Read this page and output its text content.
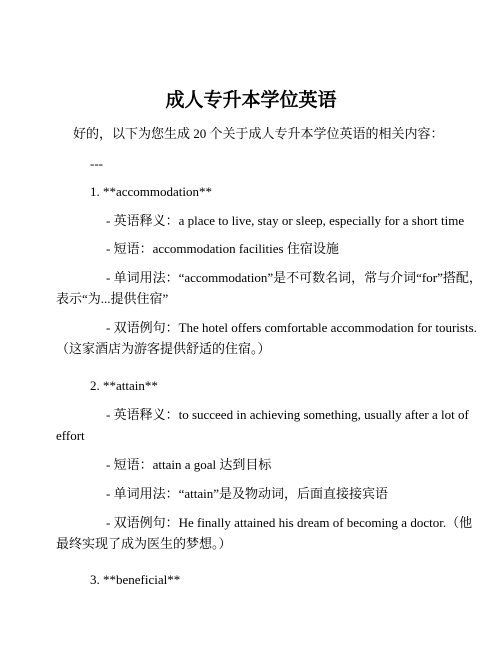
成人专升本学位英语
好的，以下为您生成 20 个关于成人专升本学位英语的相关内容：
---
1. **accommodation**
- 英语释义：a place to live, stay or sleep, especially for a short time
- 短语：accommodation facilities 住宿设施
- 单词用法：“accommodation”是不可数名词，常与介词“for”搭配，
表示“为...提供住宿”
- 双语例句：The hotel offers comfortable accommodation for tourists.
（这家酒店为游客提供舒适的住宿。）
2. **attain**
- 英语释义：to succeed in achieving something, usually after a lot of
effort
- 短语：attain a goal 达到目标
- 单词用法：“attain”是及物动词，后面直接接宾语
- 双语例句：He finally attained his dream of becoming a doctor.（他
最终实现了成为医生的梦想。）
3. **beneficial**
